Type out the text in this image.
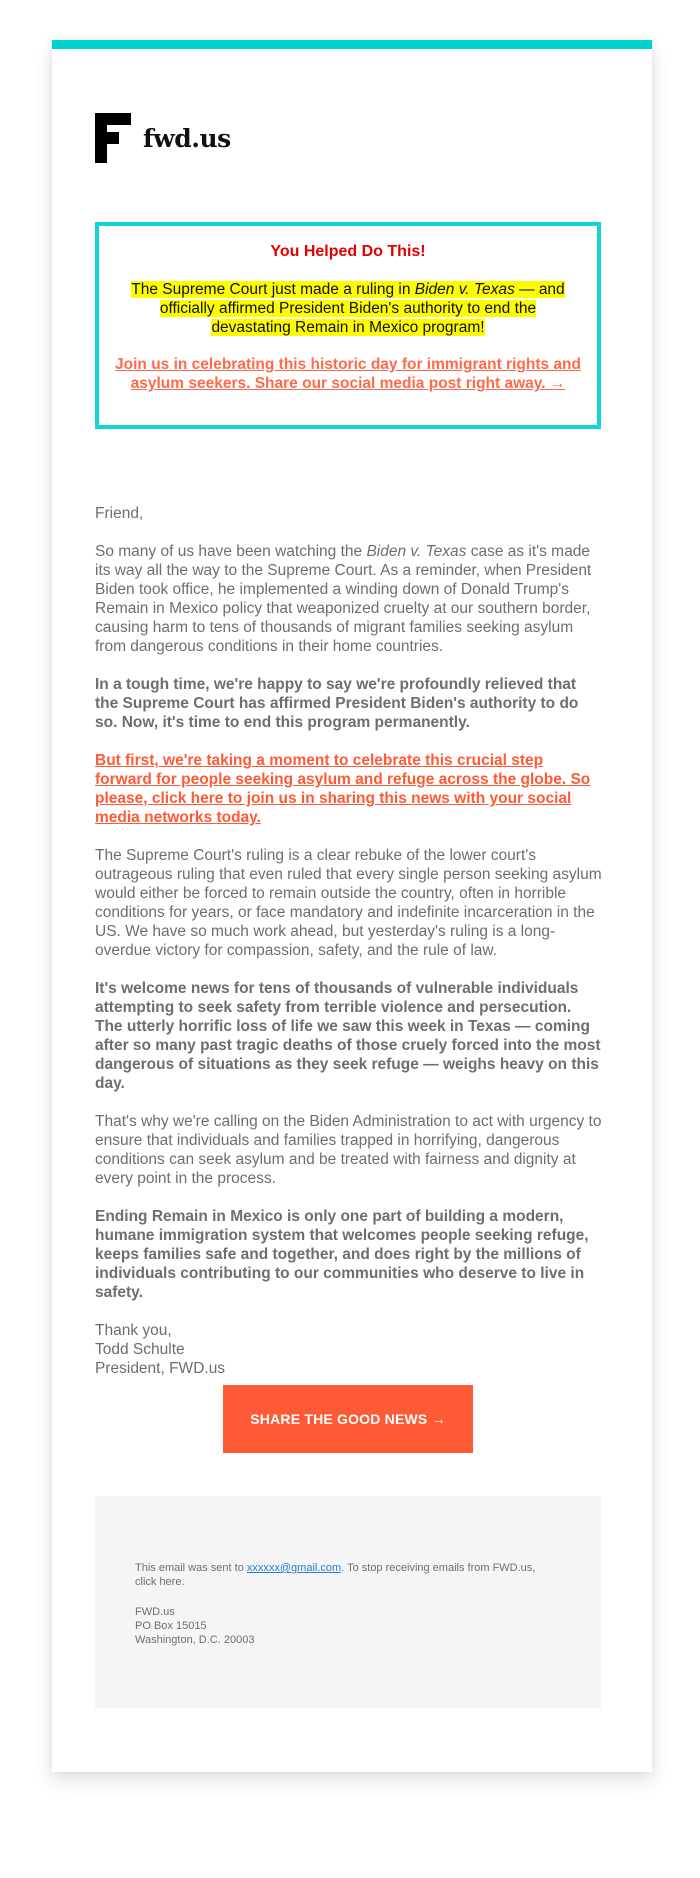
fwd.us
You Helped Do This!
The Supreme Court just made a ruling in Biden v. Texas — and officially affirmed President Biden's authority to end the devastating Remain in Mexico program!
Join us in celebrating this historic day for immigrant rights and asylum seekers. Share our social media post right away. →

Friend,

So many of us have been watching the Biden v. Texas case as it's made its way all the way to the Supreme Court. As a reminder, when President Biden took office, he implemented a winding down of Donald Trump's Remain in Mexico policy that weaponized cruelty at our southern border, causing harm to tens of thousands of migrant families seeking asylum from dangerous conditions in their home countries.

In a tough time, we're happy to say we're profoundly relieved that the Supreme Court has affirmed President Biden's authority to do so. Now, it's time to end this program permanently.

But first, we're taking a moment to celebrate this crucial step forward for people seeking asylum and refuge across the globe. So please, click here to join us in sharing this news with your social media networks today.

The Supreme Court's ruling is a clear rebuke of the lower court's outrageous ruling that even ruled that every single person seeking asylum would either be forced to remain outside the country, often in horrible conditions for years, or face mandatory and indefinite incarceration in the US. We have so much work ahead, but yesterday's ruling is a long-overdue victory for compassion, safety, and the rule of law.

It's welcome news for tens of thousands of vulnerable individuals attempting to seek safety from terrible violence and persecution. The utterly horrific loss of life we saw this week in Texas — coming after so many past tragic deaths of those cruely forced into the most dangerous of situations as they seek refuge — weighs heavy on this day.

That's why we're calling on the Biden Administration to act with urgency to ensure that individuals and families trapped in horrifying, dangerous conditions can seek asylum and be treated with fairness and dignity at every point in the process.

Ending Remain in Mexico is only one part of building a modern, humane immigration system that welcomes people seeking refuge, keeps families safe and together, and does right by the millions of individuals contributing to our communities who deserve to live in safety.

Thank you,
Todd Schulte
President, FWD.us
SHARE THE GOOD NEWS →
This email was sent to xxxxxx@gmail.com. To stop receiving emails from FWD.us, click here.
FWD.us
PO Box 15015
Washington, D.C. 20003
